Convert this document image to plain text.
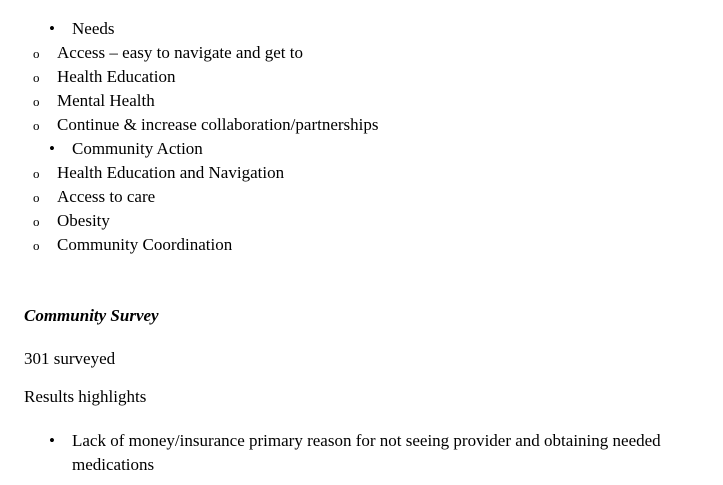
• Needs
o Access – easy to navigate and get to
o Health Education
o Mental Health
o Continue & increase collaboration/partnerships
• Community Action
o Health Education and Navigation
o Access to care
o Obesity
o Community Coordination
Community Survey
301 surveyed
Results highlights
• Lack of money/insurance primary reason for not seeing provider and obtaining needed medications
